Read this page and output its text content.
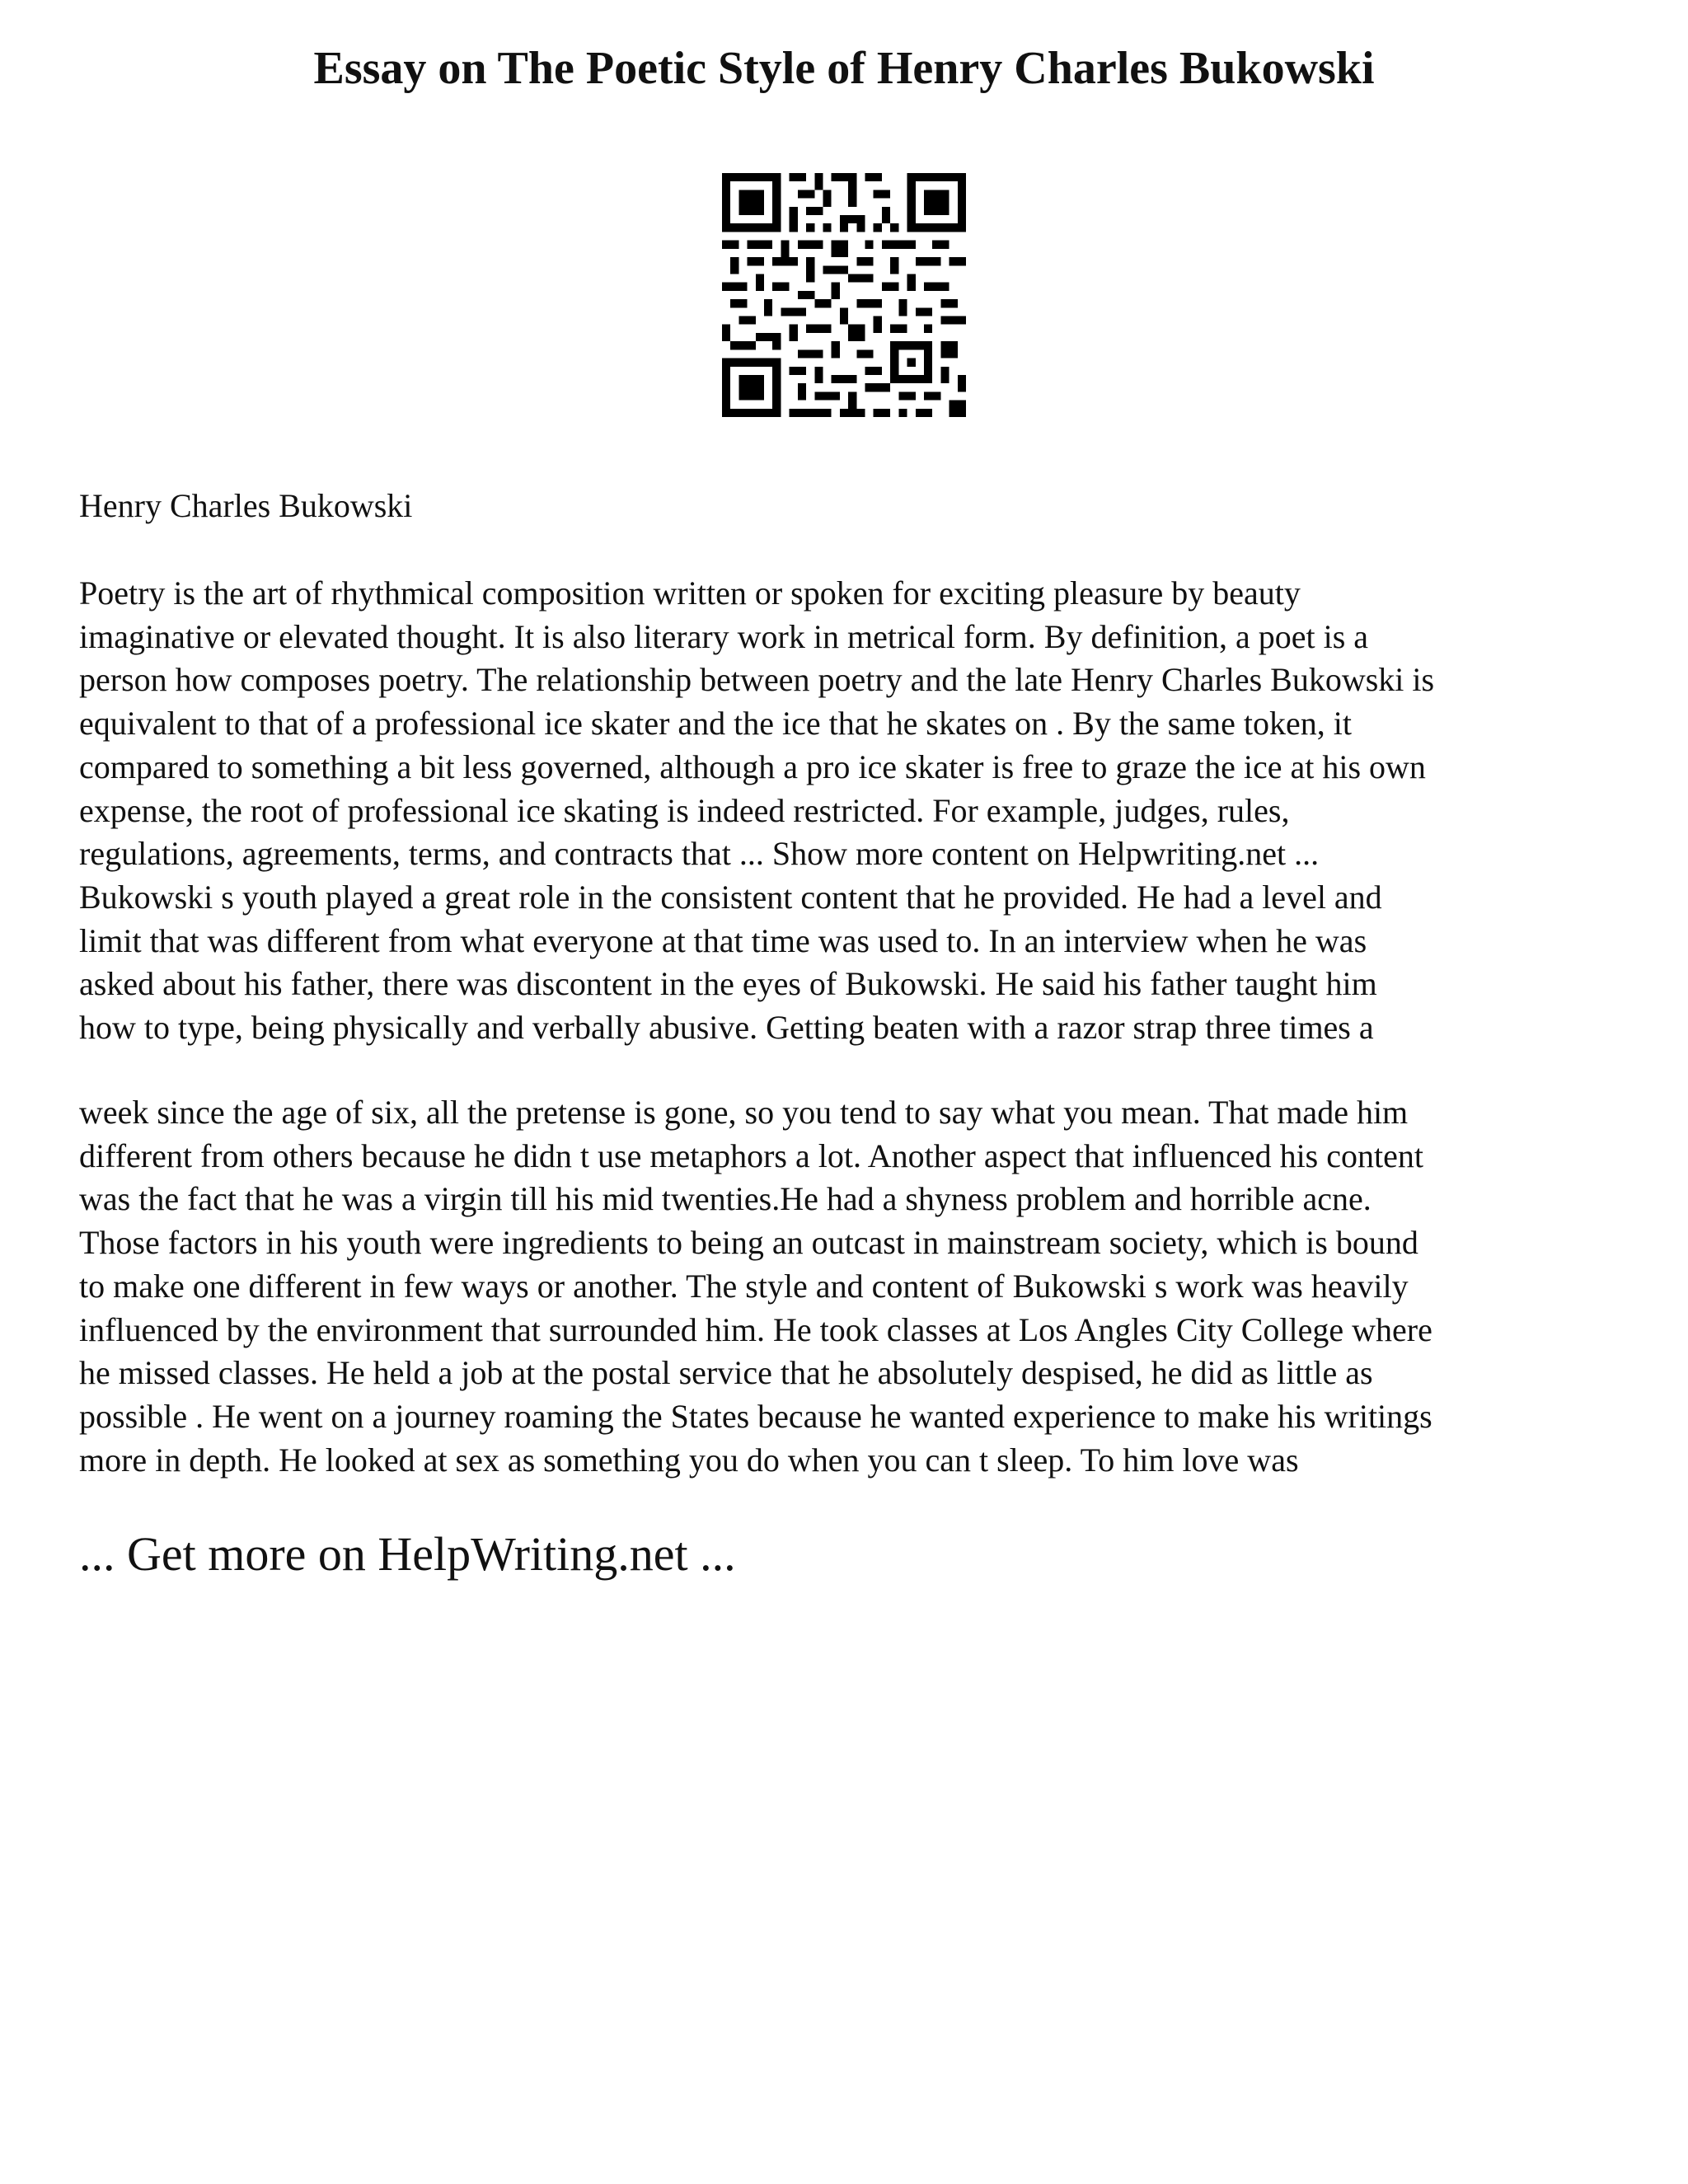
Essay on The Poetic Style of Henry Charles Bukowski

Henry Charles Bukowski

Poetry is the art of rhythmical composition written or spoken for exciting pleasure by beauty
imaginative or elevated thought. It is also literary work in metrical form. By definition, a poet is a
person how composes poetry. The relationship between poetry and the late Henry Charles Bukowski is
equivalent to that of a professional ice skater and the ice that he skates on . By the same token, it
compared to something a bit less governed, although a pro ice skater is free to graze the ice at his own
expense, the root of professional ice skating is indeed restricted. For example, judges, rules,
regulations, agreements, terms, and contracts that ... Show more content on Helpwriting.net ...
Bukowski s youth played a great role in the consistent content that he provided. He had a level and
limit that was different from what everyone at that time was used to. In an interview when he was
asked about his father, there was discontent in the eyes of Bukowski. He said his father taught him
how to type, being physically and verbally abusive. Getting beaten with a razor strap three times a

week since the age of six, all the pretense is gone, so you tend to say what you mean. That made him
different from others because he didn t use metaphors a lot. Another aspect that influenced his content
was the fact that he was a virgin till his mid twenties.He had a shyness problem and horrible acne.
Those factors in his youth were ingredients to being an outcast in mainstream society, which is bound
to make one different in few ways or another. The style and content of Bukowski s work was heavily
influenced by the environment that surrounded him. He took classes at Los Angles City College where
he missed classes. He held a job at the postal service that he absolutely despised, he did as little as
possible . He went on a journey roaming the States because he wanted experience to make his writings
more in depth. He looked at sex as something you do when you can t sleep. To him love was

... Get more on HelpWriting.net ...
